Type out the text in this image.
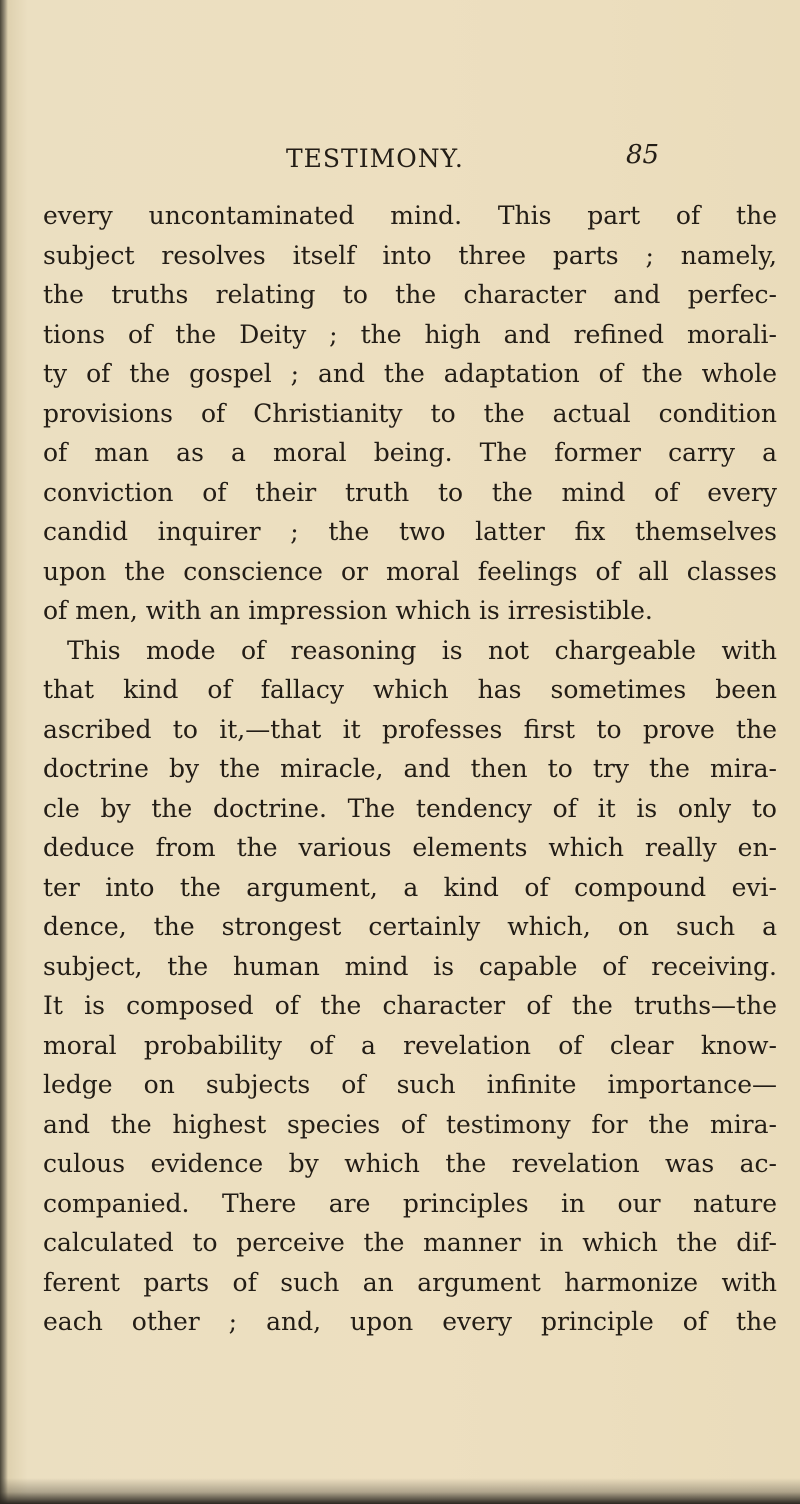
TESTIMONY.	85
every uncontaminated mind. This part of the
subject resolves itself into three parts ; namely,
the truths relating to the character and perfec-
tions of the Deity ; the high and refined morali-
ty of the gospel ; and the adaptation of the whole
provisions of Christianity to the actual condition
of man as a moral being. The former carry a
conviction of their truth to the mind of every
candid inquirer ; the two latter fix themselves
upon the conscience or moral feelings of all classes
of men, with an impression which is irresistible.
This mode of reasoning is not chargeable with
that kind of fallacy which has sometimes been
ascribed to it,—that it professes first to prove the
doctrine by the miracle, and then to try the mira-
cle by the doctrine. The tendency of it is only to
deduce from the various elements which really en-
ter into the argument, a kind of compound evi-
dence, the strongest certainly which, on such a
subject, the human mind is capable of receiving.
It is composed of the character of the truths—the
moral probability of a revelation of clear know-
ledge on subjects of such infinite importance—
and the highest species of testimony for the mira-
culous evidence by which the revelation was ac-
companied. There are principles in our nature
calculated to perceive the manner in which the dif-
ferent parts of such an argument harmonize with
each other ; and, upon every principle of the
